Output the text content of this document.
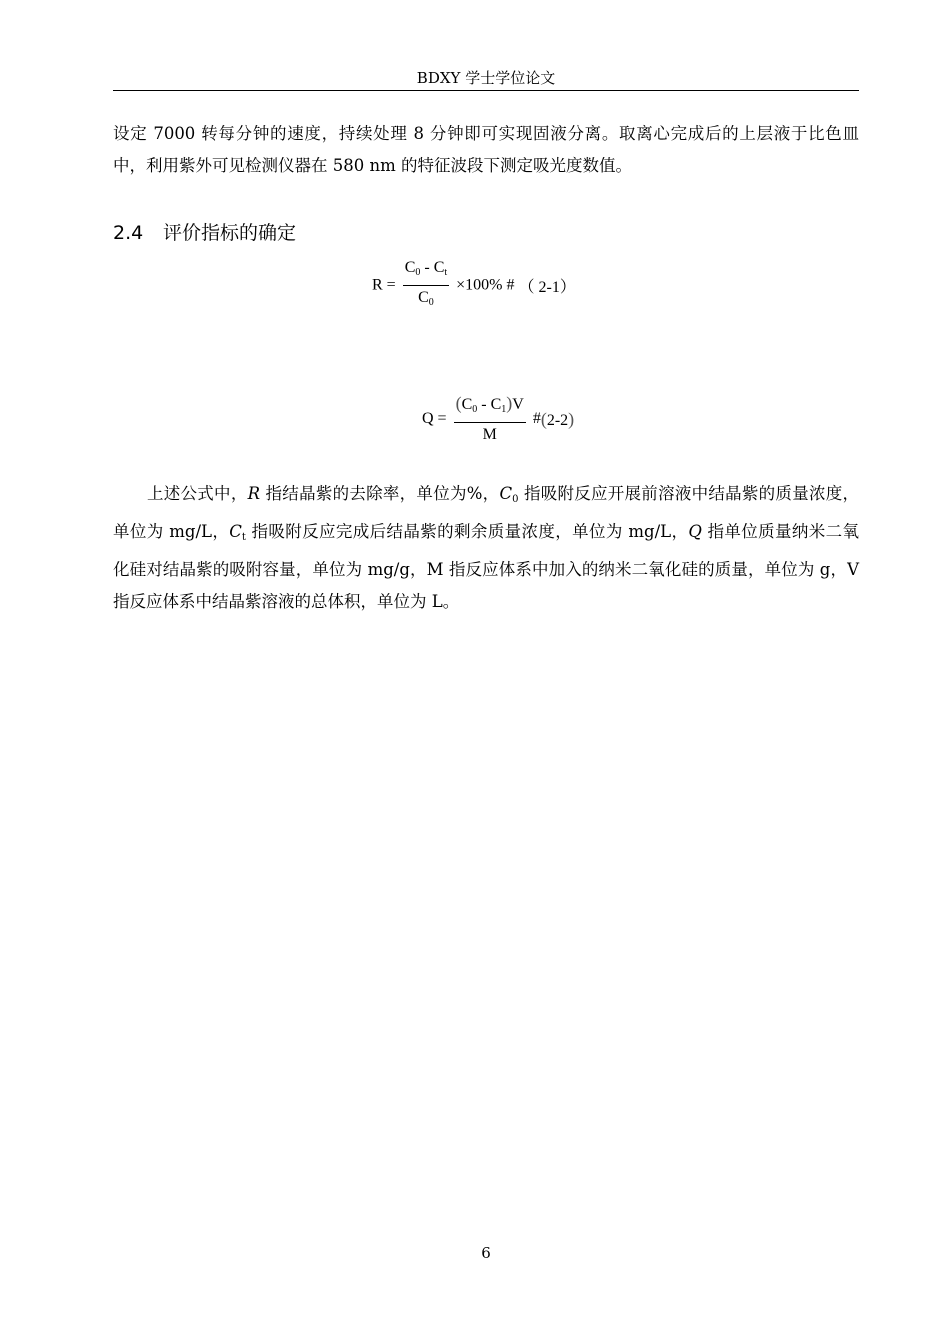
BDXY 学士学位论文

设定 7000 转每分钟的速度，持续处理 8 分钟即可实现固液分离。取离心完成后的上层液于比色皿中，利用紫外可见检测仪器在 580 nm 的特征波段下测定吸光度数值。

2.4 评价指标的确定
$R = \frac{C_0 - C_t}{C_0} \times 100\%$ # （ 2-1）
$Q = \frac{(C_0 - C_1)V}{M}$ #(2-2)

上述公式中，R 指结晶紫的去除率，单位为%，$C_0$ 指吸附反应开展前溶液中结晶紫的质量浓度，单位为 mg/L，$C_t$ 指吸附反应完成后结晶紫的剩余质量浓度，单位为 mg/L，Q 指单位质量纳米二氧化硅对结晶紫的吸附容量，单位为 mg/g，M 指反应体系中加入的纳米二氧化硅的质量，单位为 g，V 指反应体系中结晶紫溶液的总体积，单位为 L。

6
